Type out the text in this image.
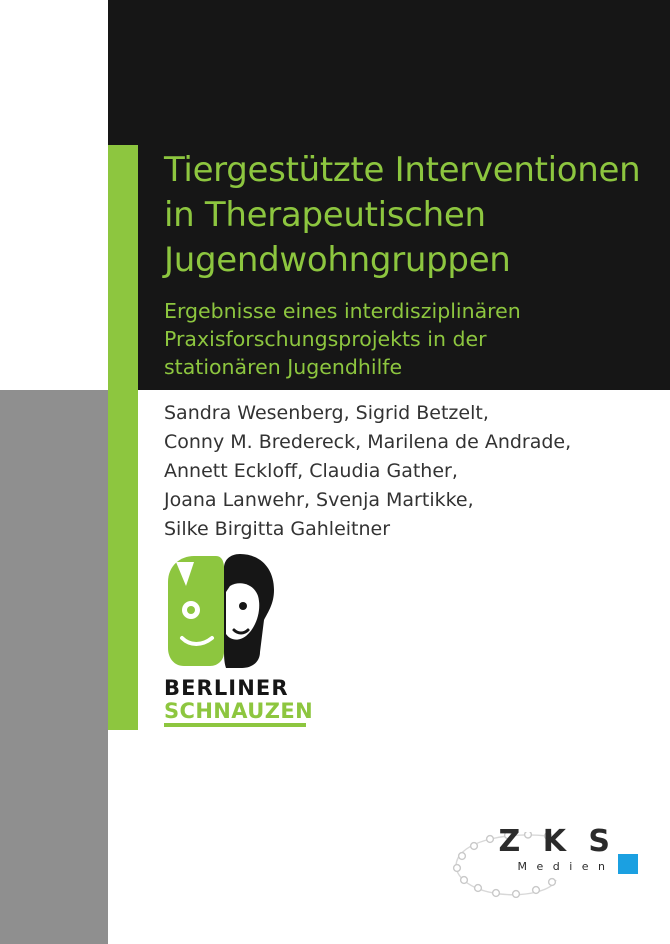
Tiergestützte Interventionen
in Therapeutischen
Jugendwohngruppen
Ergebnisse eines interdisziplinären
Praxisforschungsprojekts in der
stationären Jugendhilfe
Sandra Wesenberg, Sigrid Betzelt,
Conny M. Bredereck, Marilena de Andrade,
Annett Eckloff, Claudia Gather,
Joana Lanwehr, Svenja Martikke,
Silke Birgitta Gahleitner
BERLINER
SCHNAUZEN
Z K S
M e d i e n
